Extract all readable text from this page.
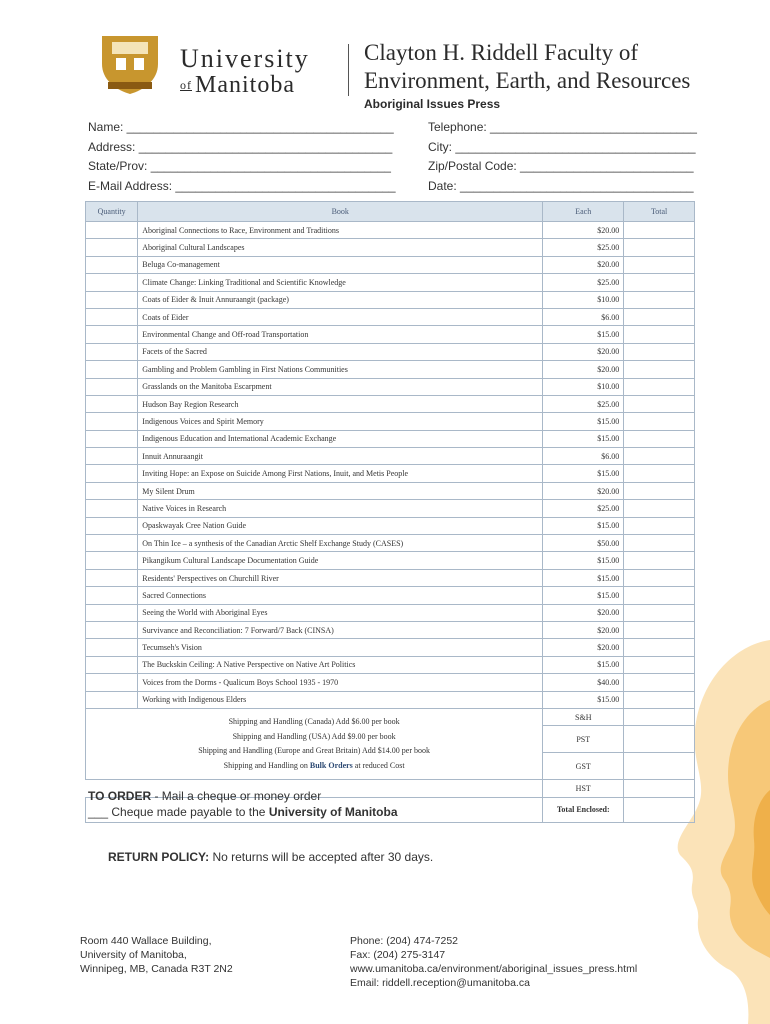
University
of Manitoba
Clayton H. Riddell Faculty of
Environment, Earth, and Resources
Aboriginal Issues Press
Name: ________________________________________	Telephone: _______________________________
Address: ______________________________________	City: ____________________________________
State/Prov: ____________________________________	Zip/Postal Code: __________________________
E-Mail Address: _________________________________	Date: ___________________________________
Quantity	Book	Each	Total
	Aboriginal Connections to Race, Environment and Traditions	$20.00	
	Aboriginal Cultural Landscapes	$25.00	
	Beluga Co-management	$20.00	
	Climate Change: Linking Traditional and Scientific Knowledge	$25.00	
	Coats of Eider & Inuit Annuraangit (package)	$10.00	
	Coats of Eider	$6.00	
	Environmental Change and Off-road Transportation	$15.00	
	Facets of the Sacred	$20.00	
	Gambling and Problem Gambling in First Nations Communities	$20.00	
	Grasslands on the Manitoba Escarpment	$10.00	
	Hudson Bay Region Research	$25.00	
	Indigenous Voices and Spirit Memory	$15.00	
	Indigenous Education and International Academic Exchange	$15.00	
	Innuit Annuraangit	$6.00	
	Inviting Hope: an Expose on Suicide Among First Nations, Inuit, and Metis People	$15.00	
	My Silent Drum	$20.00	
	Native Voices in Research	$25.00	
	Opaskwayak Cree Nation Guide	$15.00	
	On Thin Ice – a synthesis of the Canadian Arctic Shelf Exchange Study (CASES)	$50.00	
	Pikangikum Cultural Landscape Documentation Guide	$15.00	
	Residents' Perspectives on Churchill River	$15.00	
	Sacred Connections	$15.00	
	Seeing the World with Aboriginal Eyes	$20.00	
	Survivance and Reconciliation: 7 Forward/7 Back (CINSA)	$20.00	
	Tecumseh's Vision	$20.00	
	The Buckskin Ceiling: A Native Perspective on Native Art Politics	$15.00	
	Voices from the Dorms - Qualicum Boys School 1935 - 1970	$40.00	
	Working with Indigenous Elders	$15.00	

Shipping and Handling (Canada) Add $6.00 per book
Shipping and Handling (USA) Add $9.00 per book
Shipping and Handling (Europe and Great Britain) Add $14.00 per book
Shipping and Handling on Bulk Orders at reduced Cost		S&H	
		PST	
		GST	
		HST	
		Total Enclosed:	
TO ORDER - Mail a cheque or money order
___ Cheque made payable to the University of Manitoba
RETURN POLICY: No returns will be accepted after 30 days.
Room 440 Wallace Building,
University of Manitoba,
Winnipeg, MB, Canada R3T 2N2
Phone: (204) 474-7252
Fax: (204) 275-3147
www.umanitoba.ca/environment/aboriginal_issues_press.html
Email: riddell.reception@umanitoba.ca
